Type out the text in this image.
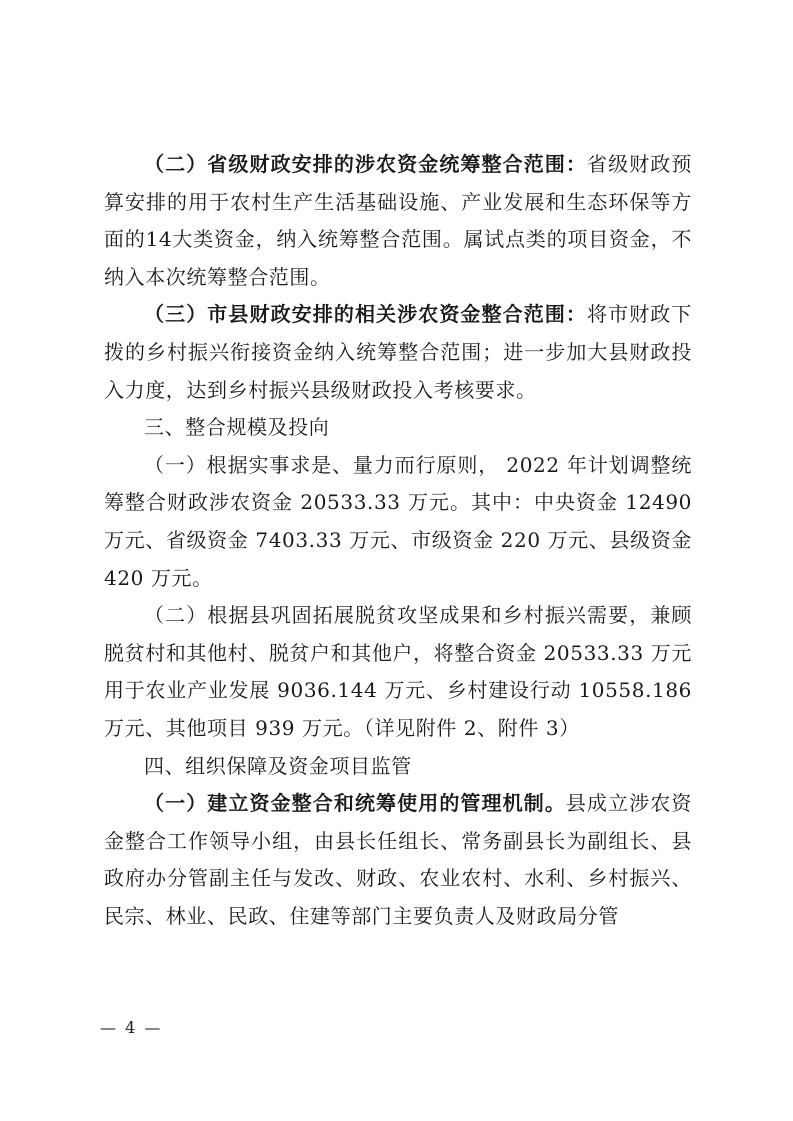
（二）省级财政安排的涉农资金统筹整合范围：省级财政预算安排的用于农村生产生活基础设施、产业发展和生态环保等方面的14大类资金，纳入统筹整合范围。属试点类的项目资金，不纳入本次统筹整合范围。

（三）市县财政安排的相关涉农资金整合范围：将市财政下拨的乡村振兴衔接资金纳入统筹整合范围；进一步加大县财政投入力度，达到乡村振兴县级财政投入考核要求。

三、整合规模及投向

（一）根据实事求是、量力而行原则， 2022 年计划调整统筹整合财政涉农资金 20533.33 万元。其中：中央资金 12490 万元、省级资金 7403.33 万元、市级资金 220 万元、县级资金 420 万元。

（二）根据县巩固拓展脱贫攻坚成果和乡村振兴需要，兼顾脱贫村和其他村、脱贫户和其他户，将整合资金 20533.33 万元用于农业产业发展 9036.144 万元、乡村建设行动 10558.186 万元、其他项目 939 万元。（详见附件 2、附件 3）

四、组织保障及资金项目监管

（一）建立资金整合和统筹使用的管理机制。县成立涉农资金整合工作领导小组，由县长任组长、常务副县长为副组长、县政府办分管副主任与发改、财政、农业农村、水利、乡村振兴、民宗、林业、民政、住建等部门主要负责人及财政局分管

— 4 —
